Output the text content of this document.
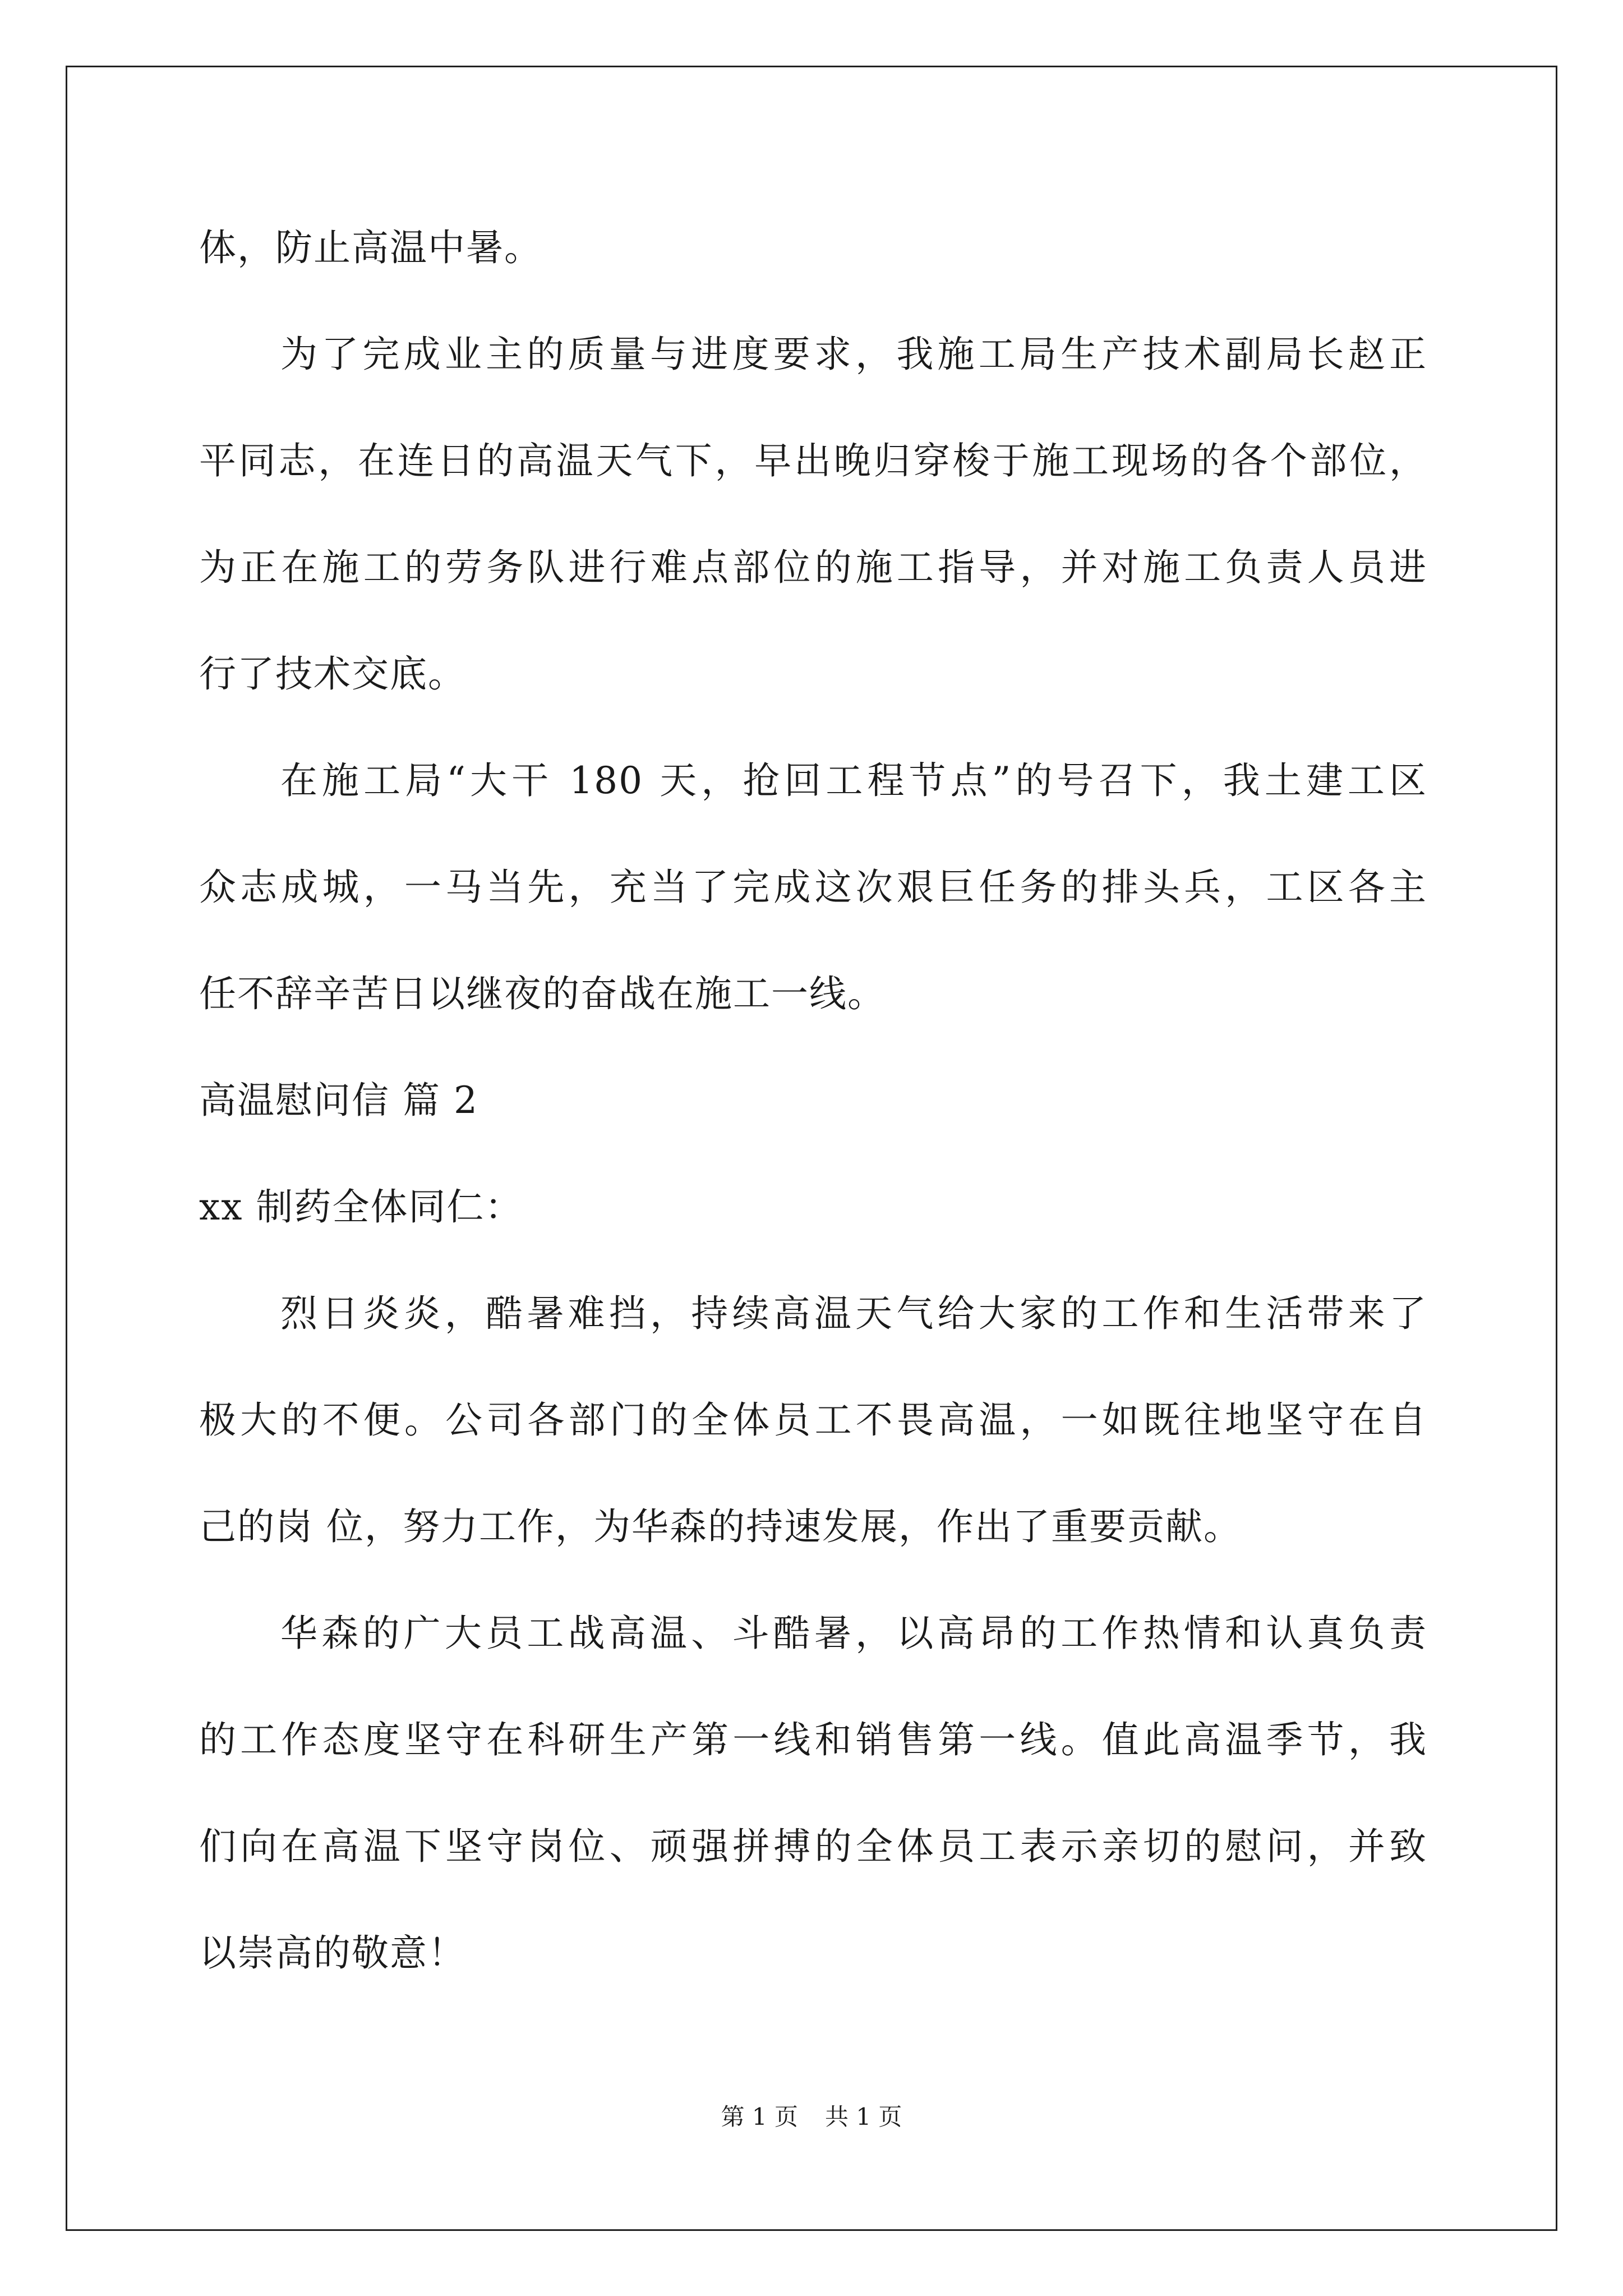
体，防止高温中暑。
为了完成业主的质量与进度要求，我施工局生产技术副局长赵正
平同志，在连日的高温天气下，早出晚归穿梭于施工现场的各个部位，
为正在施工的劳务队进行难点部位的施工指导，并对施工负责人员进
行了技术交底。
在施工局“大干 180 天，抢回工程节点”的号召下，我土建工区
众志成城，一马当先，充当了完成这次艰巨任务的排头兵，工区各主
任不辞辛苦日以继夜的奋战在施工一线。
高温慰问信 篇 2
xx 制药全体同仁：
烈日炎炎，酷暑难挡，持续高温天气给大家的工作和生活带来了
极大的不便。公司各部门的全体员工不畏高温，一如既往地坚守在自
己的岗 位，努力工作，为华森的持速发展，作出了重要贡献。
华森的广大员工战高温、斗酷暑，以高昂的工作热情和认真负责
的工作态度坚守在科研生产第一线和销售第一线。值此高温季节，我
们向在高温下坚守岗位、顽强拼搏的全体员工表示亲切的慰问，并致
以崇高的敬意！
第 1 页 共 1 页
